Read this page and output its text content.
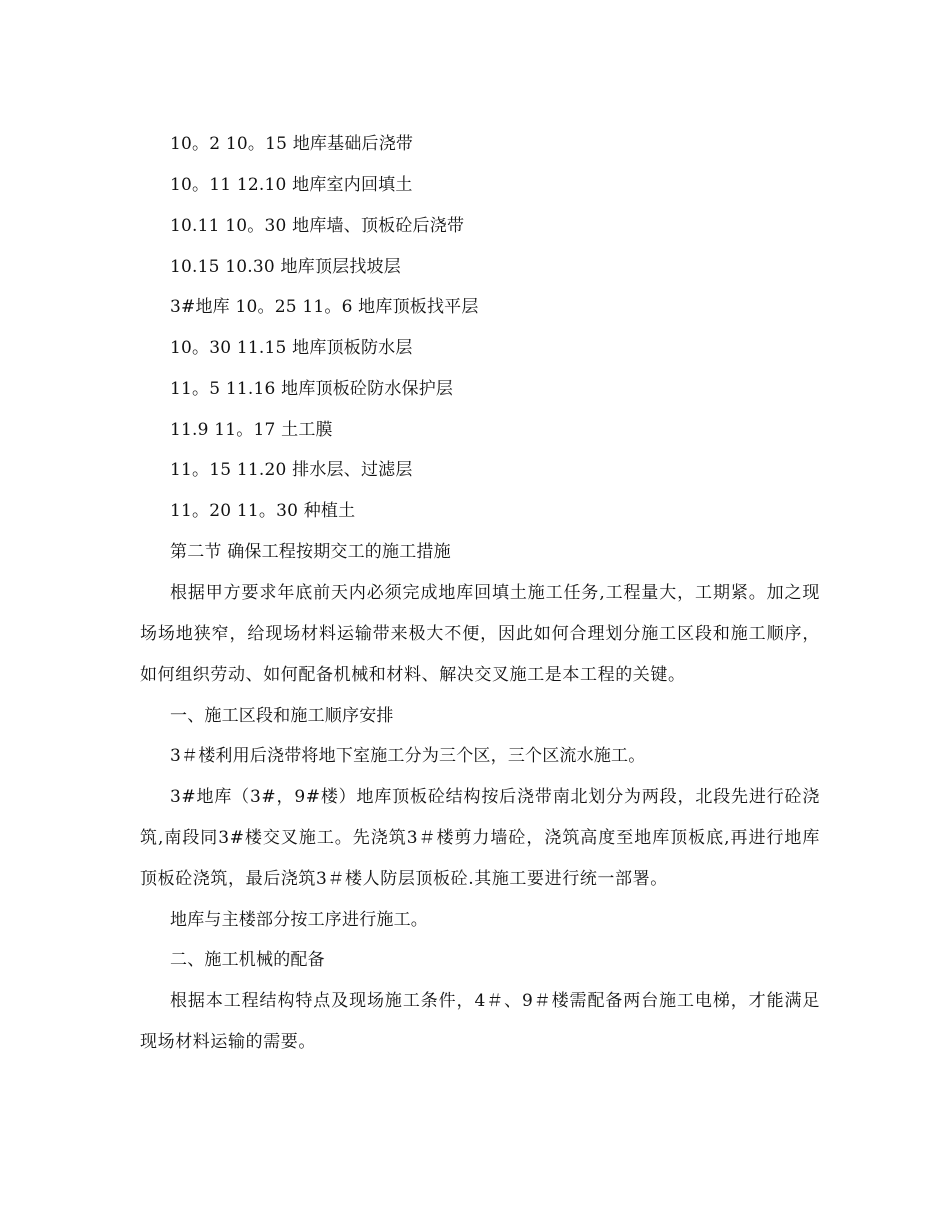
10。2 10。15 地库基础后浇带
10。11 12.10 地库室内回填土
10.11 10。30 地库墙、顶板砼后浇带
10.15 10.30 地库顶层找坡层
3#地库 10。25 11。6 地库顶板找平层
10。30 11.15 地库顶板防水层
11。5 11.16 地库顶板砼防水保护层
11.9 11。17 土工膜
11。15 11.20 排水层、过滤层
11。20 11。30 种植土
第二节 确保工程按期交工的施工措施
根据甲方要求年底前天内必须完成地库回填土施工任务,工程量大，工期紧。加之现场场地狭窄，给现场材料运输带来极大不便，因此如何合理划分施工区段和施工顺序，如何组织劳动、如何配备机械和材料、解决交叉施工是本工程的关键。
一、施工区段和施工顺序安排
3＃楼利用后浇带将地下室施工分为三个区，三个区流水施工。
3#地库（3#，9#楼）地库顶板砼结构按后浇带南北划分为两段，北段先进行砼浇筑,南段同3#楼交叉施工。先浇筑3＃楼剪力墙砼，浇筑高度至地库顶板底,再进行地库顶板砼浇筑，最后浇筑3＃楼人防层顶板砼.其施工要进行统一部署。
地库与主楼部分按工序进行施工。
二、施工机械的配备
根据本工程结构特点及现场施工条件，4＃、9＃楼需配备两台施工电梯，才能满足现场材料运输的需要。
